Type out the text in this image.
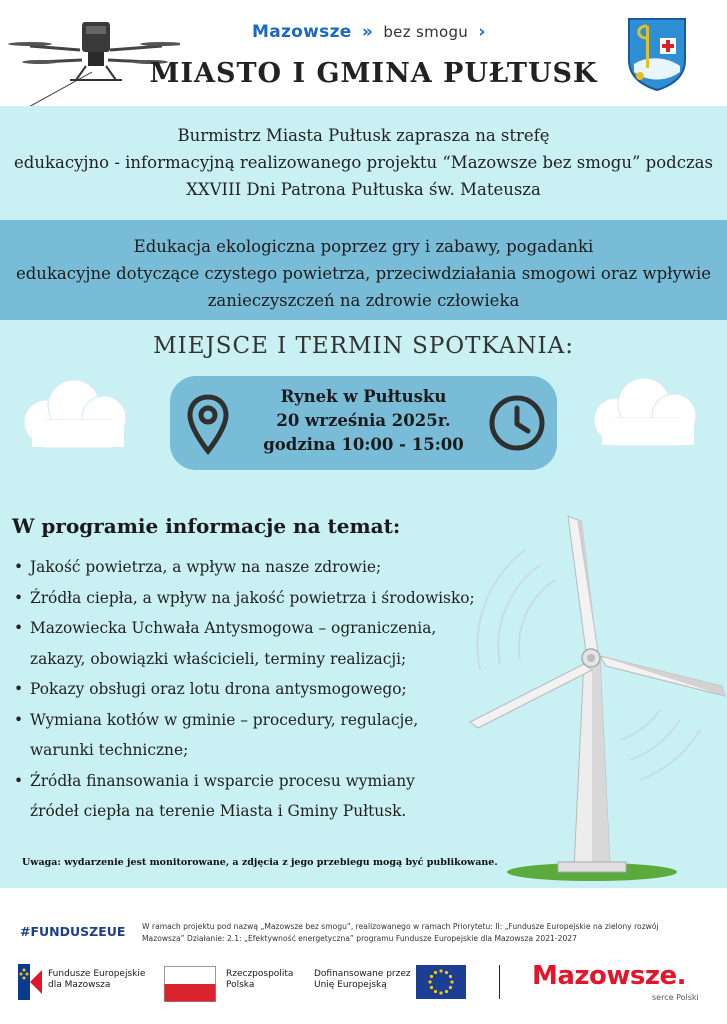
Mazowsze » bez smogu ›
MIASTO I GMINA PUŁTUSK
Burmistrz Miasta Pułtusk zaprasza na strefę
edukacyjno - informacyjną realizowanego projektu “Mazowsze bez smogu” podczas
XXVIII Dni Patrona Pułtuska św. Mateusza
Edukacja ekologiczna poprzez gry i zabawy, pogadanki
edukacyjne dotyczące czystego powietrza, przeciwdziałania smogowi oraz wpływie
zanieczyszczeń na zdrowie człowieka
MIEJSCE I TERMIN SPOTKANIA:
Rynek w Pułtusku
20 września 2025r.
godzina 10:00 - 15:00
W programie informacje na temat:
• Jakość powietrza, a wpływ na nasze zdrowie;
• Źródła ciepła, a wpływ na jakość powietrza i środowisko;
• Mazowiecka Uchwała Antysmogowa – ograniczenia,
zakazy, obowiązki właścicieli, terminy realizacji;
• Pokazy obsługi oraz lotu drona antysmogowego;
• Wymiana kotłów w gminie – procedury, regulacje,
warunki techniczne;
• Źródła finansowania i wsparcie procesu wymiany
źródeł ciepła na terenie Miasta i Gminy Pułtusk.
Uwaga: wydarzenie jest monitorowane, a zdjęcia z jego przebiegu mogą być publikowane.
#FUNDUSZEUE W ramach projektu pod nazwą „Mazowsze bez smogu”, realizowanego w ramach Priorytetu: II: „Fundusze Europejskie na zielony rozwój Mazowsza” Działanie: 2.1: „Efektywność energetyczna” programu Fundusze Europejskie dla Mazowsza 2021-2027
Fundusze Europejskie
dla Mazowsza
Rzeczpospolita
Polska
Dofinansowane przez
Unię Europejską	Mazowsze.
serce Polski
